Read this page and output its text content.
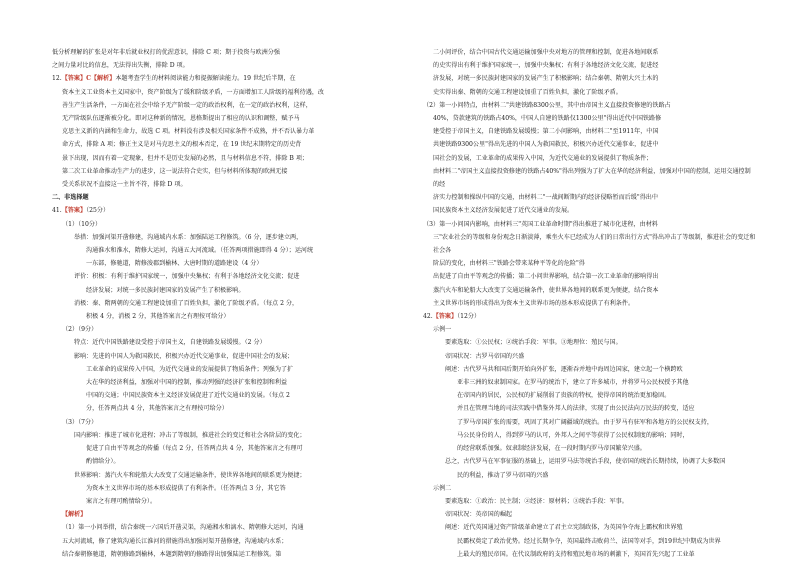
低分析理解的扩张是对年非后就业权打的优渥意识，排除 C 项；期于投资与欧洲分强
之间力量对比的信息，无法得出失衡，排除 D 项。
12.【答案】C【解析】本题考查学生的材料阅读能力和提振解读能力。19 世纪后半期，在
资本主义工业资本主义国家中，资产阶级为了缓和阶级矛盾，一方面增加工人阶级的福利待遇，改
善生产生活条件，一方面在社会中给予无产阶级一定的政治权利，在一定的政治权利，这样，
无产阶级队伍逐渐被分化。即对这种新的情况，恩格斯提出了相应的认识和调整，赋予马
克思主义新的内涵和生命力，故选 C 项。材料没有涉及相关国家条件不成熟，并不否认暴力革
命方式，排除 A 项；修正主义是对马克思主义的根本否定，在 19 世纪末期特定的历史背
景下出现，因而有着一定现象，但并不是历史发展的必然，且与材料信息不符，排除 B 项；
第二次工业革命推动生产力的进步，这一说法符合史实，但与材料所体现的欧洲无接
受关系状况不直接这一主旨不符，排除 D 项。
二、非选择题
41.【答案】（25分）
（1）（10分）
举措：加强河渠开凿修建，沟通域内水系：加强陆运工程修筑。（6 分，逐步建立两，
沟通淮水和淮水，隋修大运河，沟通五大河流域。（任答两项措施即得 4 分）；运河统
一东部，修驰道，隋修浚郡到榆林、大唐时期的道路建设（4 分）
评价：积极：有利于维护国家统一，加强中央集权；有利于各地经济文化交流；促进
经济发展；对统一多民族封建国家的发展产生了积极影响。
消极：秦、隋两朝的交通工程建设加重了百姓负担，激化了阶级矛盾。（每点 2 分，
积极 4 分，消极 2 分，其他答案言之有理按可给分）
（2）（9分）
特点：近代中国铁路建设受控于帝国主义，自建铁路发展缓慢。（2 分）
影响：先进的中国人为救国救民，积极兴办近代交通事业，促进中国社会的发展；
工业革命的成果传入中国，为近代交通业的发展提供了物质条件；列强为了扩
大在华的经济利益，加强对中国的控制，推动列强的经济扩张和控制和利益
中国的交通；中国民族资本主义经济发展促进了近代交通业的发展。（每点 2
分，任答两点共 4 分，其他答案言之有理按可给分）
（3）（7分）
国内影响：推进了城市化进程；冲击了等级制，推进社会的变迁和社会各阶层的变化；
促进了自由平等观念的传播（每点 2 分，任答两点共 4 分，其他答案言之有理可
酌情给分）。
世界影响：蒸汽火车和轮船大大改变了交通运输条件，使世界各地间的联系更为便捷；
为资本主义世界市场的基本形成提供了有利条件。（任答两点 3 分，其它答
案言之有理可酌情给分）。
【解析】
（1）第一小问举措，结合秦统一六国后开凿灵渠，沟通湘水和漓水、隋朝修大运河，沟通
五大河流域，修了建筑沟通长江淮河的措施得出加强河渠开凿修建，沟通域内水系；
结合秦朝修驰道，隋朝修路到榆林，本题到隋朝的修路得出加强陆运工程修筑。第
二小问评价，结合中国古代交通运输加强中央对地方的管理和控制，促进各地间联系
的史实得出有利于维护国家统一，加强中央集权；有利于各地经济文化交流，促进经
济发展，对统一多民族封建国家的发展产生了积极影响；结合秦朝、隋朝大兴土木的
史实得出秦、隋朝的交通工程建设加重了百姓负担，激化了阶级矛盾。
（2）第一小问特点，由材料二"共建铁路8300公里，其中由帝国主义直接投资修建的铁路占
40%，贷款建筑的铁路占40%，中国人自建的铁路仅1300公里"得出近代中国铁路修
建受控于帝国主义，自建铁路发展缓慢；第二小问影响，由材料二"至1911年，中国
共建铁路9300公里"得出先进的中国人为救国救民，积极兴办近代交通事业，促进中
国社会的发展，工业革命的成果传入中国，为近代交通业的发展提供了物质条件；
由材料二"帝国主义直接投资修建的铁路占40%"得出列强为了扩大在华的经济利益，加强对中国的控制，运用交通控制的经
济实力控制和操纵中国的交通，由材料二"一战间断期内的经济侵略暂而后缓"得出中
国民族资本主义经济发展促进了近代交通业的发展。
（3）第一小问国内影响，由材料三"英国工业革命时期"得出推进了城市化进程，由材料
三"农业社会的等级和身份观念日渐淡薄，乘坐火车已经成为人们的日常出行方式"得出冲击了等级制，推进社会的变迁和社会各
阶层的变化，由材料三"铁路会带来某种平等化的危险"得
出促进了自由平等观念的传播；第二小问世界影响，结合第一次工业革命的影响得出
蒸汽火车和轮船大大改变了交通运输条件，使世界各地间的联系更为便捷，结合资本
主义世界市场的形成得出为资本主义世界市场的基本形成提供了有利条件。
42.【答案】（12分）
示例一
要素选取：①公民权；②统治手段：军事。③地理位：殖民与国。
帝国状况：古罗马帝国的兴盛
阐述：古代罗马共和国后期开始向外扩张，逐渐吞并地中海周边国家，建立起一个横跨欧
亚非三洲的奴隶制国家。在罗马的统治下，建立了许多城市，并将罗马公民权授予其他
在帝国内的居民，公民权的扩展削弱了贵族的特权，使得帝国的统治更加稳固。
并且在管理当地的司法实践中借鉴外邦人的法律，实现了由公民法向万民法的转变，适应
了罗马帝国扩张的需要，巩固了其对广阔疆域的统治。由于罗马有驻军和各地方的公民权支持，
马公民身份的人，得到罗马的认可，外邦人之间平等获得了公民权制度的影响；同时，
的经营联系加强。奴隶制经济发展，在一段时期内罗马帝国繁荣兴盛。
总之，古代罗马在军事征服的基础上，运用罗马法等统治手段，使帝国的统治长期持续，协调了大多数国
民的利益，推动了罗马帝国的兴盛
示例二
要素选取：①政治：民主制；②经济：原材料；③统治手段：军事。
帝国状况：英帝国的崛起
阐述：近代英国通过资产阶级革命建立了君主立宪制政体，为英国争夺海上霸权和世界殖
民霸权奠定了政治优势。经过长期争夺，英国最终击败荷兰、法国等对手，到19世纪中期成为世界
上最大的殖民帝国。在代议制政府的支持和殖民地市场的刺激下，英国首先兴起了工业革
